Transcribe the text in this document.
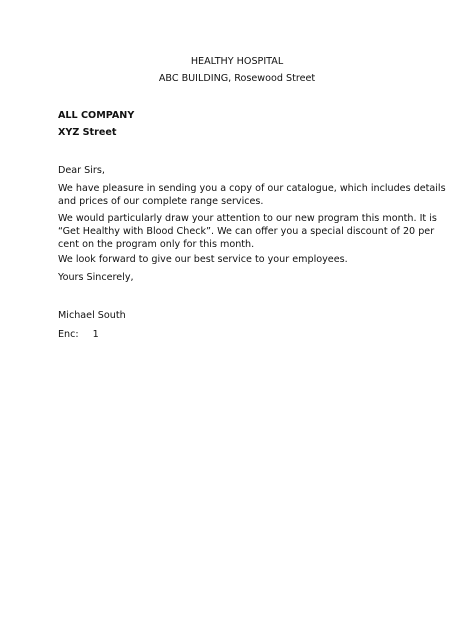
HEALTHY HOSPITAL
ABC BUILDING, Rosewood Street
ALL COMPANY
XYZ Street
Dear Sirs,
We have pleasure in sending you a copy of our catalogue, which includes details
and prices of our complete range services.
We would particularly draw your attention to our new program this month. It is
“Get Healthy with Blood Check”. We can offer you a special discount of 20 per
cent on the program only for this month.
We look forward to give our best service to your employees.
Yours Sincerely,
Michael South
Enc: 1
